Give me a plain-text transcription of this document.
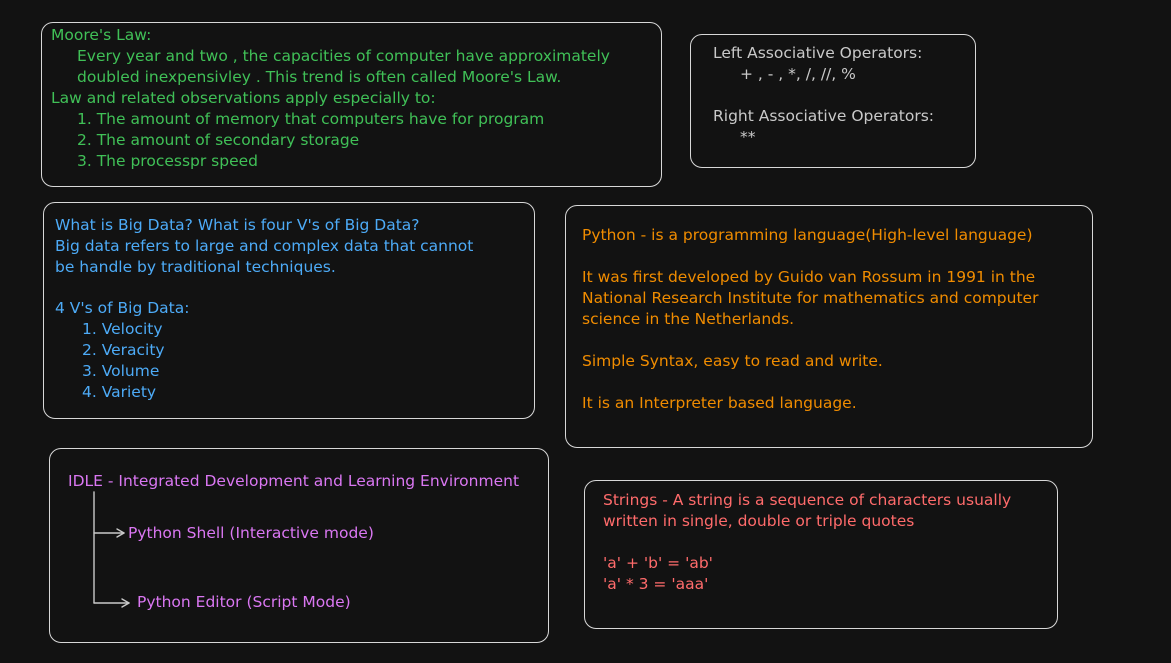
Moore's Law:
Every year and two , the capacities of computer have approximately
doubled inexpensivley . This trend is often called Moore's Law.
Law and related observations apply especially to:
1. The amount of memory that computers have for program
2. The amount of secondary storage
3. The processpr speed
Left Associative Operators:
+ , - , *, /, //, %
Right Associative Operators:
**
What is Big Data? What is four V's of Big Data?
Big data refers to large and complex data that cannot
be handle by traditional techniques.
4 V's of Big Data:
1. Velocity
2. Veracity
3. Volume
4. Variety
Python - is a programming language(High-level language)
It was first developed by Guido van Rossum in 1991 in the
National Research Institute for mathematics and computer
science in the Netherlands.
Simple Syntax, easy to read and write.
It is an Interpreter based language.
IDLE - Integrated Development and Learning Environment
Python Shell (Interactive mode)
Python Editor (Script Mode)
Strings - A string is a sequence of characters usually
written in single, double or triple quotes
'a' + 'b' = 'ab'
'a' * 3 = 'aaa'
